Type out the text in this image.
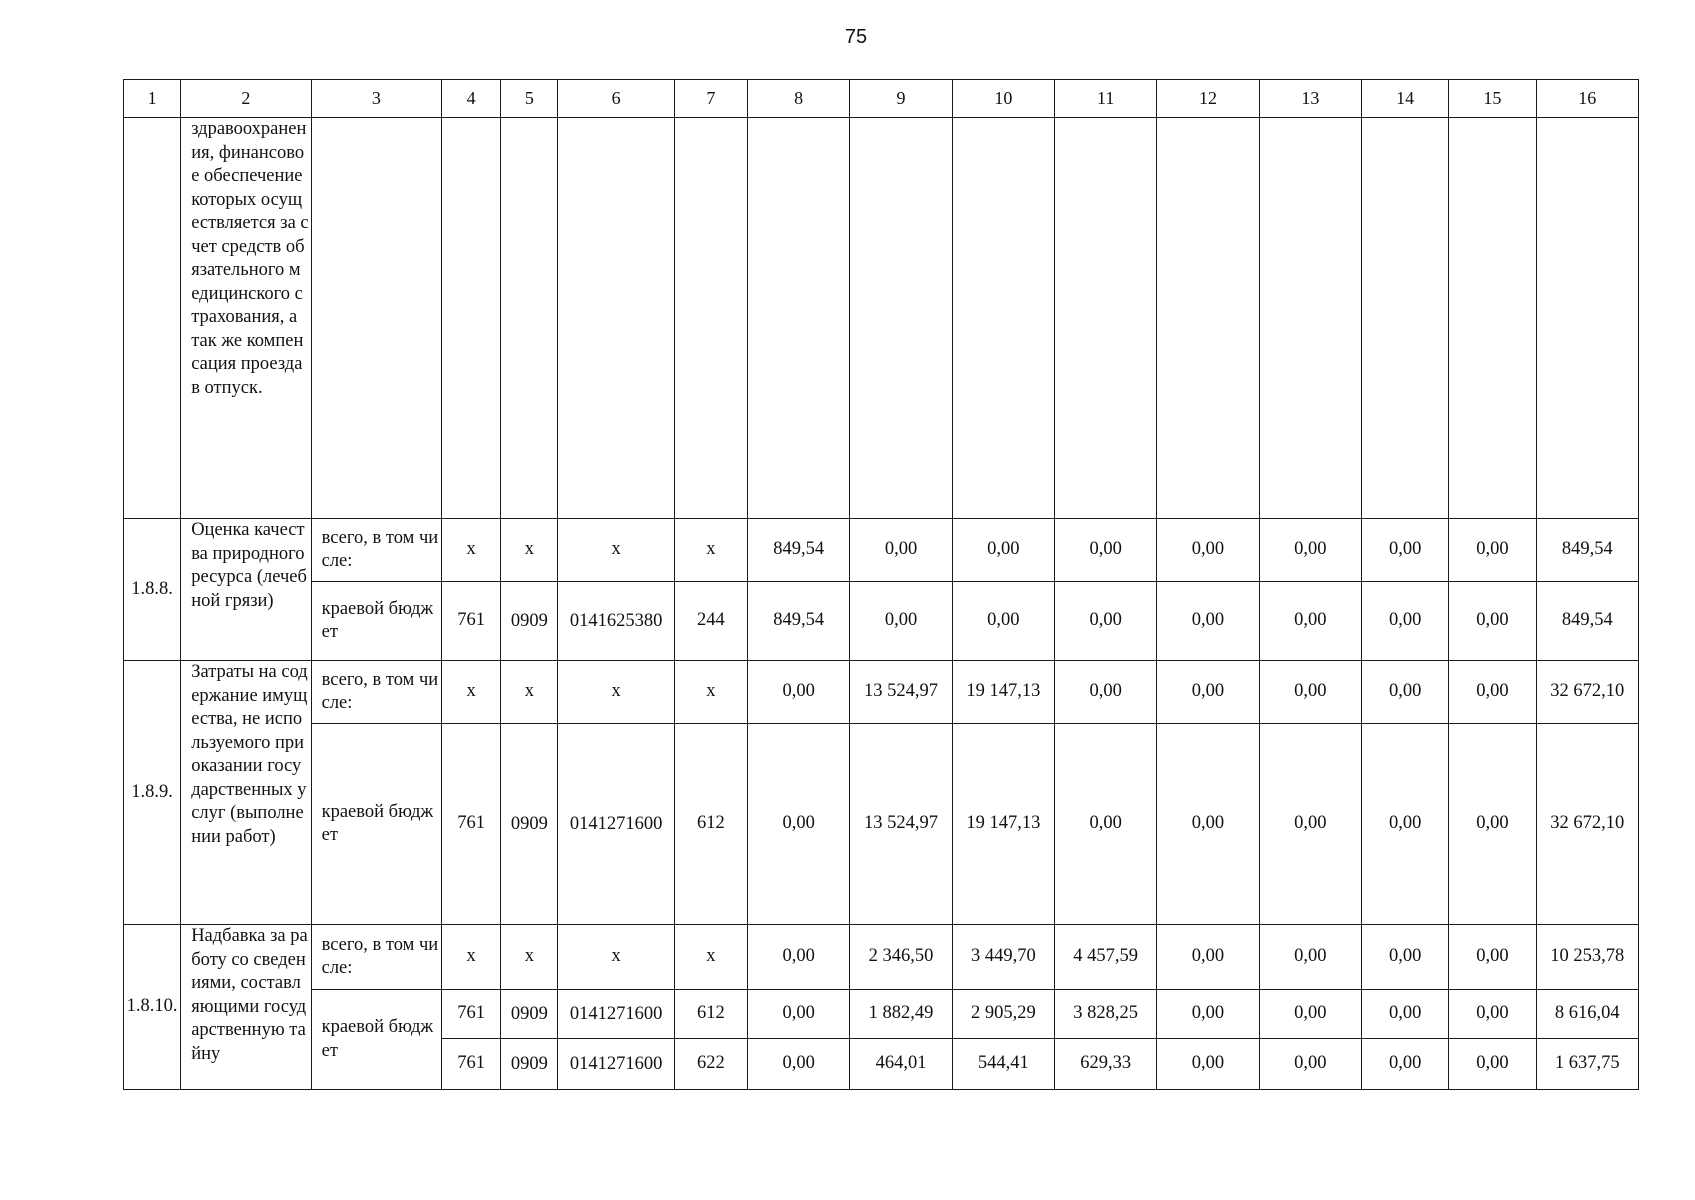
75
1	2	3	4	5	6	7	8	9	10	11	12	13	14	15	16
	здравоохранения, финансовое обеспечение которых осуществляется за счет средств обязательного медицинского страхования, а так же компенсация проезда в отпуск.														
1.8.8.	Оценка качества природного ресурса (лечебной грязи)	всего, в том числе:	х	х	х	х	849,54	0,00	0,00	0,00	0,00	0,00	0,00	0,00	849,54
		краевой бюджет	761	0909	0141625380	244	849,54	0,00	0,00	0,00	0,00	0,00	0,00	0,00	849,54
1.8.9.	Затраты на содержание имущества, не используемого при оказании государственных услуг (выполнении работ)	всего, в том числе:	х	х	х	х	0,00	13 524,97	19 147,13	0,00	0,00	0,00	0,00	0,00	32 672,10
		краевой бюджет	761	0909	0141271600	612	0,00	13 524,97	19 147,13	0,00	0,00	0,00	0,00	0,00	32 672,10
1.8.10.	Надбавка за работу со сведениями, составляющими государственную тайну	всего, в том числе:	х	х	х	х	0,00	2 346,50	3 449,70	4 457,59	0,00	0,00	0,00	0,00	10 253,78
		краевой бюджет	761	0909	0141271600	612	0,00	1 882,49	2 905,29	3 828,25	0,00	0,00	0,00	0,00	8 616,04
			761	0909	0141271600	622	0,00	464,01	544,41	629,33	0,00	0,00	0,00	0,00	1 637,75
